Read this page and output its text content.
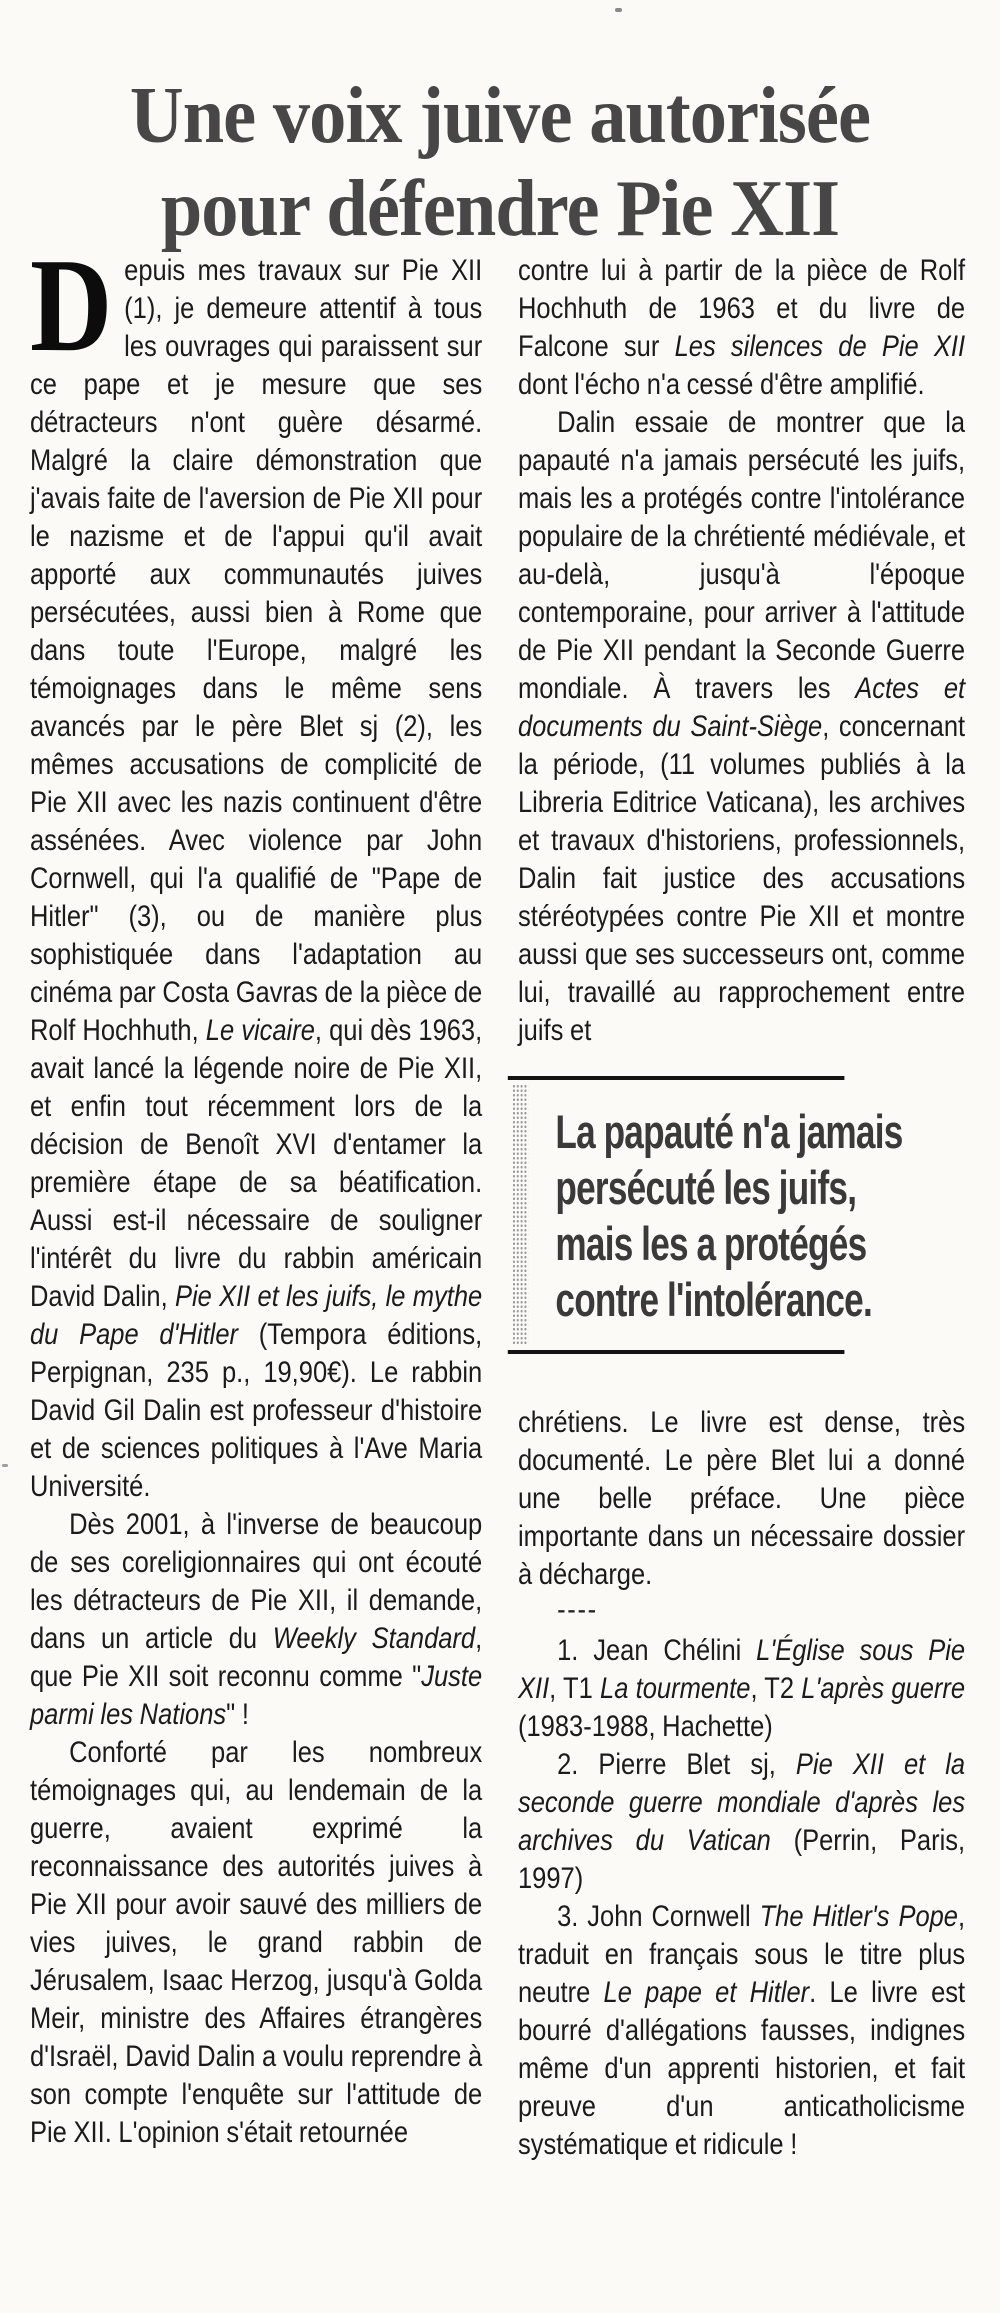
Une voix juive autorisée
pour défendre Pie XII

Depuis mes travaux sur Pie XII (1), je demeure attentif à tous les ouvrages qui paraissent sur ce pape et je mesure que ses détracteurs n'ont guère désarmé. Malgré la claire démonstration que j'avais faite de l'aversion de Pie XII pour le nazisme et de l'appui qu'il avait apporté aux communautés juives persécutées, aussi bien à Rome que dans toute l'Europe, malgré les témoignages dans le même sens avancés par le père Blet sj (2), les mêmes accusations de complicité de Pie XII avec les nazis continuent d'être assénées. Avec violence par John Cornwell, qui l'a qualifié de "Pape de Hitler" (3), ou de manière plus sophistiquée dans l'adaptation au cinéma par Costa Gavras de la pièce de Rolf Hochhuth, Le vicaire, qui dès 1963, avait lancé la légende noire de Pie XII, et enfin tout récemment lors de la décision de Benoît XVI d'entamer la première étape de sa béatification. Aussi est-il nécessaire de souligner l'intérêt du livre du rabbin américain David Dalin, Pie XII et les juifs, le mythe du Pape d'Hitler (Tempora éditions, Perpignan, 235 p., 19,90€). Le rabbin David Gil Dalin est professeur d'histoire et de sciences politiques à l'Ave Maria Université.

Dès 2001, à l'inverse de beaucoup de ses coreligionnaires qui ont écouté les détracteurs de Pie XII, il demande, dans un article du Weekly Standard, que Pie XII soit reconnu comme "Juste parmi les Nations" !

Conforté par les nombreux témoignages qui, au lendemain de la guerre, avaient exprimé la reconnaissance des autorités juives à Pie XII pour avoir sauvé des milliers de vies juives, le grand rabbin de Jérusalem, Isaac Herzog, jusqu'à Golda Meir, ministre des Affaires étrangères d'Israël, David Dalin a voulu reprendre à son compte l'enquête sur l'attitude de Pie XII. L'opinion s'était retournée

contre lui à partir de la pièce de Rolf Hochhuth de 1963 et du livre de Falcone sur Les silences de Pie XII dont l'écho n'a cessé d'être amplifié.

Dalin essaie de montrer que la papauté n'a jamais persécuté les juifs, mais les a protégés contre l'intolérance populaire de la chrétienté médiévale, et au-delà, jusqu'à l'époque contemporaine, pour arriver à l'attitude de Pie XII pendant la Seconde Guerre mondiale. À travers les Actes et documents du Saint-Siège, concernant la période, (11 volumes publiés à la Libreria Editrice Vaticana), les archives et travaux d'historiens, professionnels, Dalin fait justice des accusations stéréotypées contre Pie XII et montre aussi que ses successeurs ont, comme lui, travaillé au rapprochement entre juifs et

La papauté n'a jamais
persécuté les juifs,
mais les a protégés
contre l'intolérance.

chrétiens. Le livre est dense, très documenté. Le père Blet lui a donné une belle préface. Une pièce importante dans un nécessaire dossier à décharge.

----

1. Jean Chélini L'Église sous Pie XII, T1 La tourmente, T2 L'après guerre (1983-1988, Hachette)

2. Pierre Blet sj, Pie XII et la seconde guerre mondiale d'après les archives du Vatican (Perrin, Paris, 1997)

3. John Cornwell The Hitler's Pope, traduit en français sous le titre plus neutre Le pape et Hitler. Le livre est bourré d'allégations fausses, indignes même d'un apprenti historien, et fait preuve d'un anticatholicisme systématique et ridicule !
